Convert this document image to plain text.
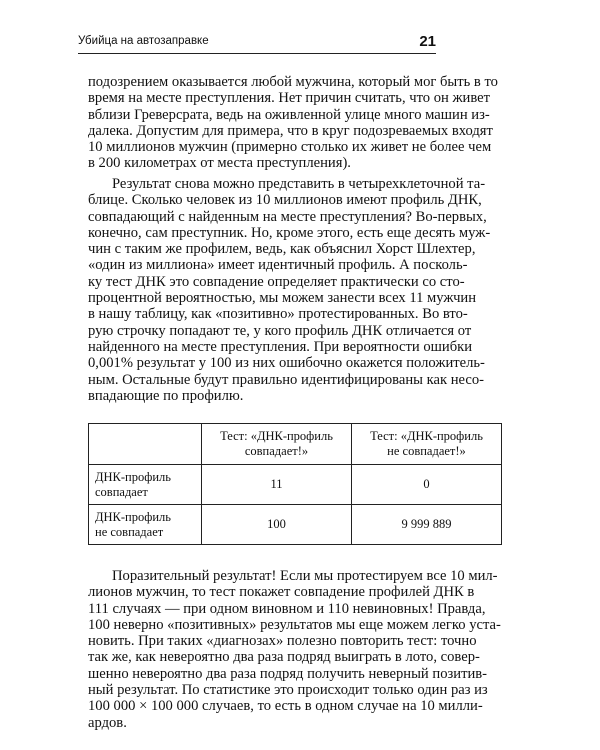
Убийца на автозаправке	21
подозрением оказывается любой мужчина, который мог быть в то
время на месте преступления. Нет причин считать, что он живет
вблизи Греверсрата, ведь на оживленной улице много машин из-
далека. Допустим для примера, что в круг подозреваемых входят
10 миллионов мужчин (примерно столько их живет не более чем
в 200 километрах от места преступления).
Результат снова можно представить в четырехклеточной та-
блице. Сколько человек из 10 миллионов имеют профиль ДНК,
совпадающий с найденным на месте преступления? Во-первых,
конечно, сам преступник. Но, кроме этого, есть еще десять муж-
чин с таким же профилем, ведь, как объяснил Хорст Шлехтер,
«один из миллиона» имеет идентичный профиль. А посколь-
ку тест ДНК это совпадение определяет практически со сто-
процентной вероятностью, мы можем занести всех 11 мужчин
в нашу таблицу, как «позитивно» протестированных. Во вто-
рую строчку попадают те, у кого профиль ДНК отличается от
найденного на месте преступления. При вероятности ошибки
0,001% результат у 100 из них ошибочно окажется положитель-
ным. Остальные будут правильно идентифицированы как несо-
впадающие по профилю.
	Тест: «ДНК-профиль
совпадает!»	Тест: «ДНК-профиль
не совпадает!»
ДНК-профиль
совпадает	11	0
ДНК-профиль
не совпадает	100	9 999 889
Поразительный результат! Если мы протестируем все 10 мил-
лионов мужчин, то тест покажет совпадение профилей ДНК в
111 случаях — при одном виновном и 110 невиновных! Правда,
100 неверно «позитивных» результатов мы еще можем легко уста-
новить. При таких «диагнозах» полезно повторить тест: точно
так же, как невероятно два раза подряд выиграть в лото, совер-
шенно невероятно два раза подряд получить неверный позитив-
ный результат. По статистике это происходит только один раз из
100 000 × 100 000 случаев, то есть в одном случае на 10 милли-
ардов.
